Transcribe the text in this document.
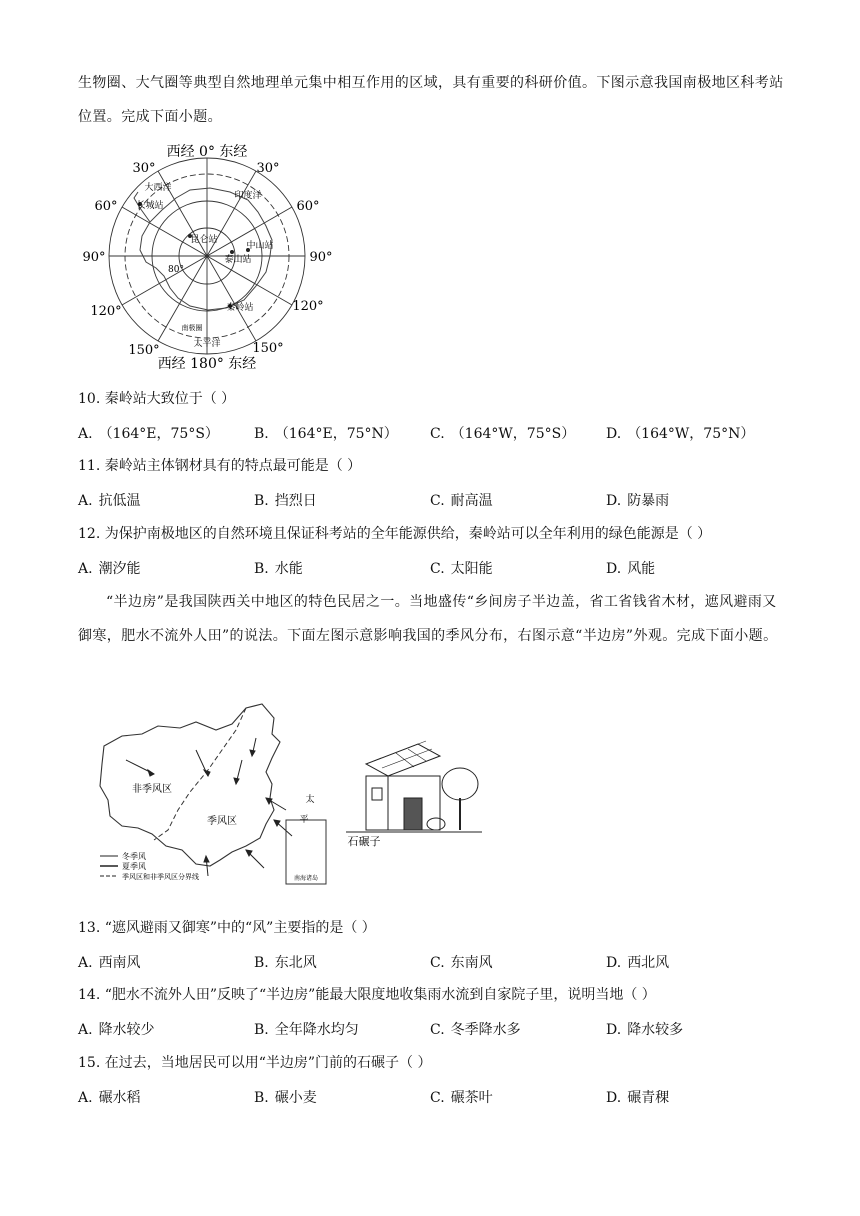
生物圈、大气圈等典型自然地理单元集中相互作用的区域，具有重要的科研价值。下图示意我国南极地区科考站位置。完成下面小题。
西经 0° 东经
西经 180° 东经
30°	30°
60°	60°
90°	90°
120°	120°
150°	150°
大西洋
印度洋
太平洋
长城站
昆仑站
中山站
泰山站
秦岭站
80°
南极圈
10. 秦岭站大致位于（ ）
A. （164°E，75°S）	B. （164°E，75°N） C. （164°W，75°S） D. （164°W，75°N）
11. 秦岭站主体钢材具有的特点最可能是（ ）
A. 抗低温	B. 挡烈日	C. 耐高温	D. 防暴雨
12. 为保护南极地区的自然环境且保证科考站的全年能源供给，秦岭站可以全年利用的绿色能源是（ ）
A. 潮汐能	B. 水能	C. 太阳能	D. 风能
“半边房”是我国陕西关中地区的特色民居之一。当地盛传“乡间房子半边盖，省工省钱省木材，遮风避雨又御寒，肥水不流外人田”的说法。下面左图示意影响我国的季风分布，右图示意“半边房”外观。完成下面小题。
南海诸岛
非季风区
季风区
太
平
冬季风
夏季风
季风区和非季风区分界线
石碾子
13. “遮风避雨又御寒”中的“风”主要指的是（ ）
A. 西南风	B. 东北风	C. 东南风	D. 西北风
14. “肥水不流外人田”反映了“半边房”能最大限度地收集雨水流到自家院子里，说明当地（ ）
A. 降水较少	B. 全年降水均匀	C. 冬季降水多	D. 降水较多
15. 在过去，当地居民可以用“半边房”门前的石碾子（ ）
A. 碾水稻	B. 碾小麦	C. 碾茶叶	D. 碾青稞
